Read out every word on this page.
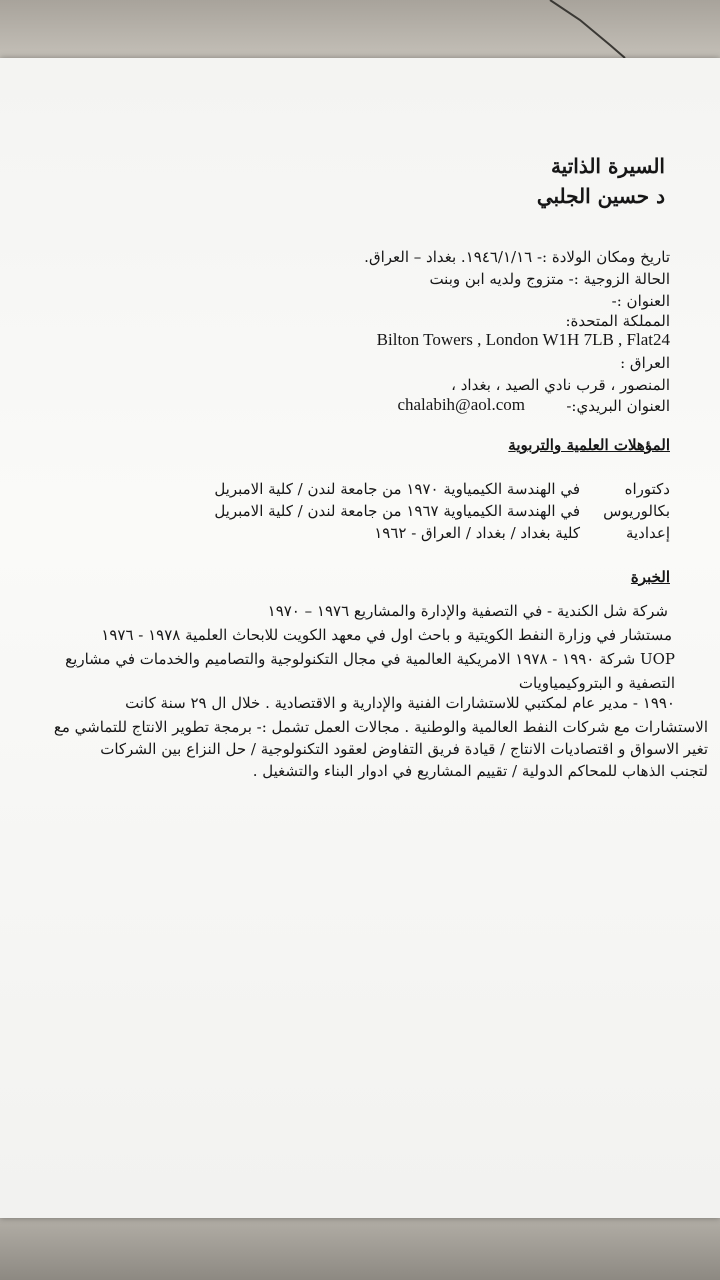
السيرة الذاتية
د حسين الجلبي
تاريخ ومكان الولادة :- ١٩٤٦/١/١٦. بغداد – العراق.
الحالة الزوجية :- متزوج ولديه ابن وبنت
العنوان :-
المملكة المتحدة:
Bilton Towers , London W1H 7LB , Flat24
العراق :
المنصور ، قرب نادي الصيد ، بغداد ،
العنوان البريدي:-
chalabih@aol.com
المؤهلات العلمية والتربوية
دكتوراه
في الهندسة الكيمياوية ١٩٧٠ من جامعة لندن / كلية الامبريل
بكالوريوس
في الهندسة الكيمياوية ١٩٦٧ من جامعة لندن / كلية الامبريل
إعدادية
كلية بغداد / بغداد / العراق - ١٩٦٢
الخبرة
شركة شل الكندية - في التصفية والإدارة والمشاريع ١٩٧٦ – ١٩٧٠
مستشار في وزارة النفط الكويتية و باحث اول في معهد الكويت للابحاث العلمية ١٩٧٨ - ١٩٧٦
UOP شركة ١٩٩٠ - ١٩٧٨ الامريكية العالمية في مجال التكنولوجية والتصاميم والخدمات في مشاريع
التصفية و البتروكيمياويات
١٩٩٠ - مدير عام لمكتبي للاستشارات الفنية والإدارية و الاقتصادية . خلال ال ٢٩ سنة كانت
الاستشارات مع شركات النفط العالمية والوطنية . مجالات العمل تشمل :- برمجة تطوير الانتاج للتماشي مع
تغير الاسواق و اقتصاديات الانتاج / قيادة فريق التفاوض لعقود التكنولوجية / حل النزاع بين الشركات
لتجنب الذهاب للمحاكم الدولية / تقييم المشاريع في ادوار البناء والتشغيل .
